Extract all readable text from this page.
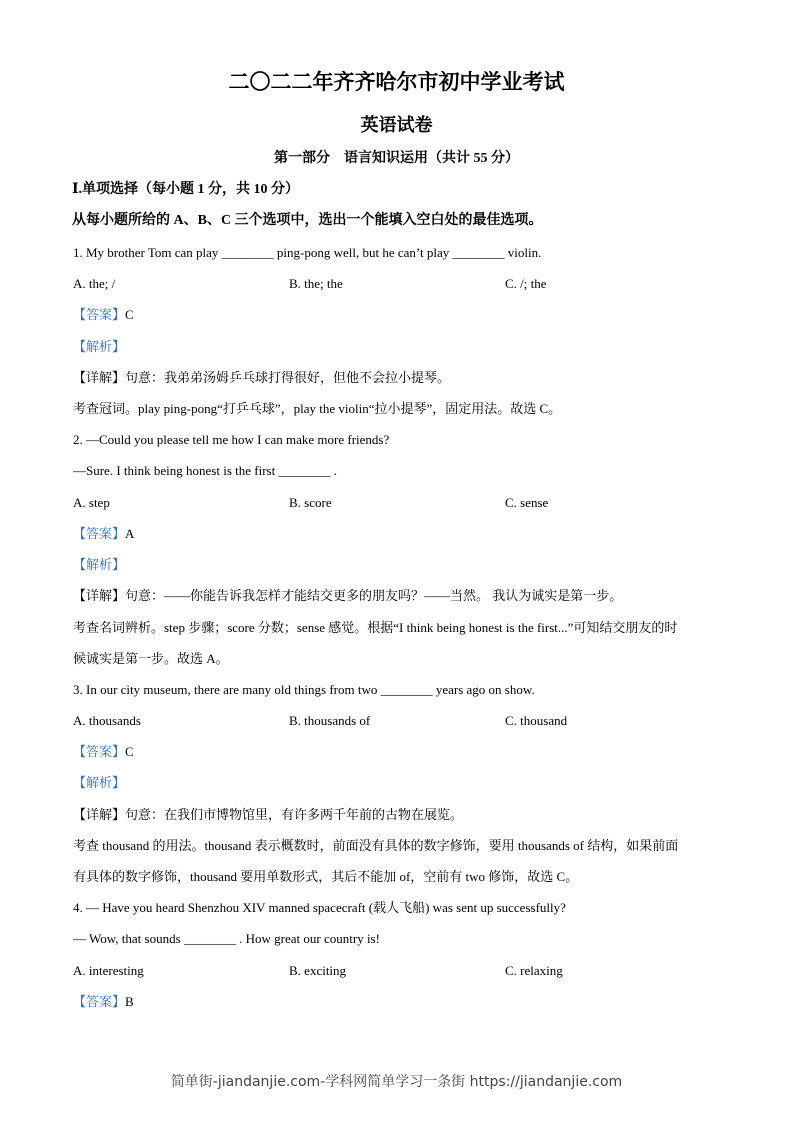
二〇二二年齐齐哈尔市初中学业考试
英语试卷
第一部分    语言知识运用（共计 55 分）
Ⅰ.单项选择（每小题 1 分，共 10 分）
从每小题所给的 A、B、C 三个选项中，选出一个能填入空白处的最佳选项。
1. My brother Tom can play ________ ping-pong well, but he can’t play ________ violin.
A. the; /	B. the; the	C. /; the
【答案】C
【解析】
【详解】句意：我弟弟汤姆乒乓球打得很好，但他不会拉小提琴。
考查冠词。play ping-pong“打乒乓球”，play the violin“拉小提琴”，固定用法。故选 C。
2. —Could you please tell me how I can make more friends?
—Sure. I think being honest is the first ________ .
A. step	B. score	C. sense
【答案】A
【解析】
【详解】句意：——你能告诉我怎样才能结交更多的朋友吗？——当然。 我认为诚实是第一步。
考查名词辨析。step 步骤；score 分数；sense 感觉。根据“I think being honest is the first...”可知结交朋友的时
候诚实是第一步。故选 A。
3. In our city museum, there are many old things from two ________ years ago on show.
A. thousands	B. thousands of	C. thousand
【答案】C
【解析】
【详解】句意：在我们市博物馆里，有许多两千年前的古物在展览。
考查 thousand 的用法。thousand 表示概数时，前面没有具体的数字修饰，要用 thousands of 结构，如果前面
有具体的数字修饰，thousand 要用单数形式，其后不能加 of，空前有 two 修饰，故选 C。
4. — Have you heard Shenzhou XIV manned spacecraft (载人飞船) was sent up successfully?
— Wow, that sounds ________ . How great our country is!
A. interesting	B. exciting	C. relaxing
【答案】B
简单街-jiandanjie.com-学科网简单学习一条街 https://jiandanjie.com
